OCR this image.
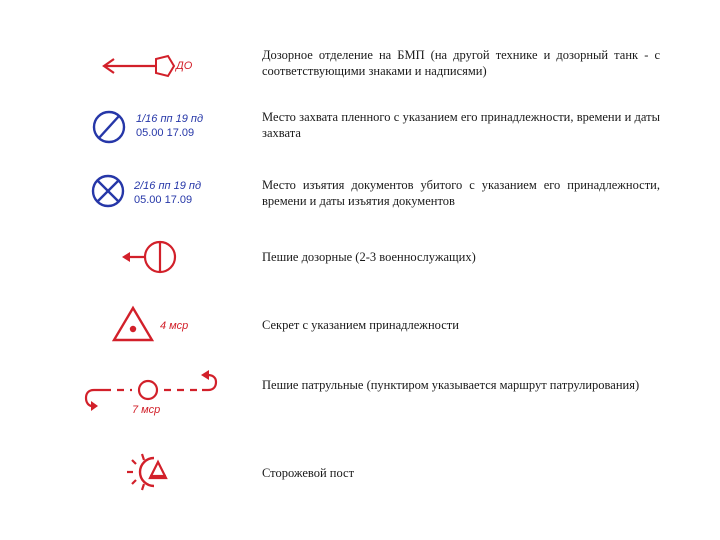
ДО
Дозорное отделение на БМП (на другой технике и дозорный танк - с соответствующими знаками и надписями)
1/16 пп 19 пд
05.00 17.09
Место захвата пленного с указанием его принадлежности, времени и даты захвата
2/16 пп 19 пд
05.00 17.09
Место изъятия документов убитого с указанием его принадлежности, времени и даты изъятия документов
Пешие дозорные (2-3 военнослужащих)
4 мср	Секрет с указанием принадлежности
7 мср
Пешие патрульные (пунктиром указывается маршрут патрулирования)
Сторожевой пост
